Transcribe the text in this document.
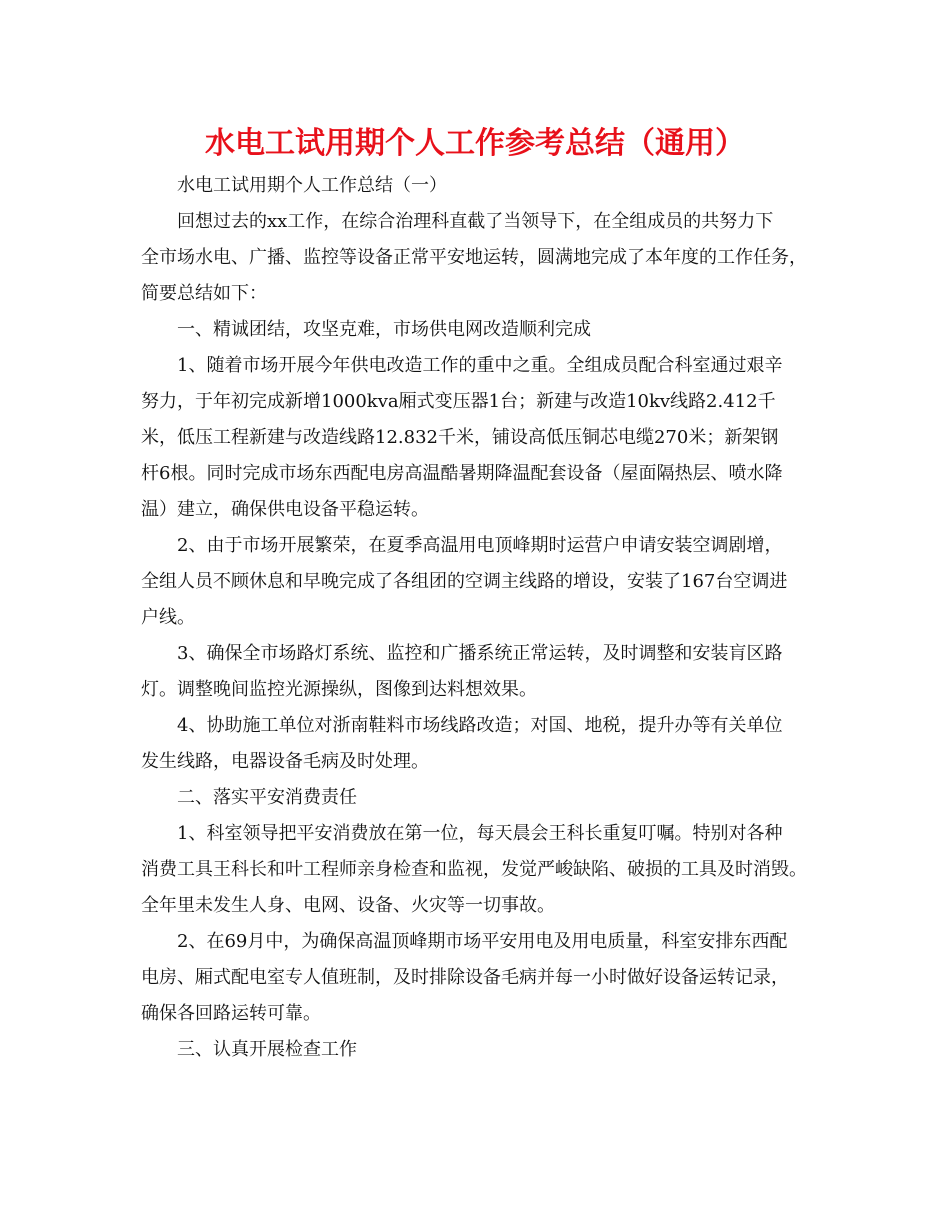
水电工试用期个人工作参考总结（通用）
水电工试用期个人工作总结（一）
回想过去的xx工作，在综合治理科直截了当领导下，在全组成员的共努力下
全市场水电、广播、监控等设备正常平安地运转，圆满地完成了本年度的工作任务，
简要总结如下：
一、精诚团结，攻坚克难，市场供电网改造顺利完成
1、随着市场开展今年供电改造工作的重中之重。全组成员配合科室通过艰辛
努力，于年初完成新增1000kva厢式变压器1台；新建与改造10kv线路2.412千
米，低压工程新建与改造线路12.832千米，铺设高低压铜芯电缆270米；新架钢
杆6根。同时完成市场东西配电房高温酷暑期降温配套设备（屋面隔热层、喷水降
温）建立，确保供电设备平稳运转。
2、由于市场开展繁荣，在夏季高温用电顶峰期时运营户申请安装空调剧增，
全组人员不顾休息和早晚完成了各组团的空调主线路的增设，安装了167台空调进
户线。
3、确保全市场路灯系统、监控和广播系统正常运转，及时调整和安装肓区路
灯。调整晚间监控光源操纵，图像到达料想效果。
4、协助施工单位对浙南鞋料市场线路改造；对国、地税，提升办等有关单位
发生线路，电器设备毛病及时处理。
二、落实平安消费责任
1、科室领导把平安消费放在第一位，每天晨会王科长重复叮嘱。特别对各种
消费工具王科长和叶工程师亲身检查和监视，发觉严峻缺陷、破损的工具及时消毁。
全年里未发生人身、电网、设备、火灾等一切事故。
2、在69月中，为确保高温顶峰期市场平安用电及用电质量，科室安排东西配
电房、厢式配电室专人值班制，及时排除设备毛病并每一小时做好设备运转记录，
确保各回路运转可靠。
三、认真开展检查工作
